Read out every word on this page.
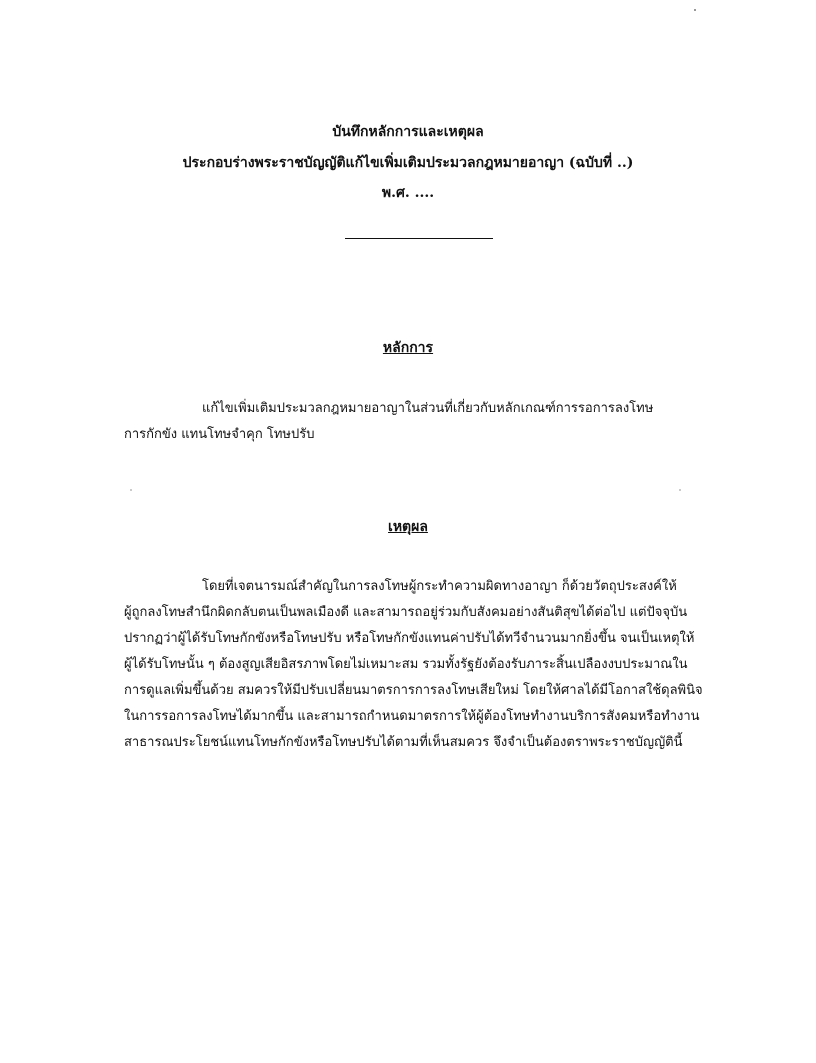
บันทึกหลักการและเหตุผล
ประกอบร่างพระราชบัญญัติแก้ไขเพิ่มเติมประมวลกฎหมายอาญา (ฉบับที่ ..)
พ.ศ. ....
หลักการ
แก้ไขเพิ่มเติมประมวลกฎหมายอาญาในส่วนที่เกี่ยวกับหลักเกณฑ์การรอการลงโทษ
การกักขัง แทนโทษจำคุก โทษปรับ
เหตุผล
โดยที่เจตนารมณ์สำคัญในการลงโทษผู้กระทำความผิดทางอาญา ก็ด้วยวัตถุประสงค์ให้
ผู้ถูกลงโทษสำนึกผิดกลับตนเป็นพลเมืองดี และสามารถอยู่ร่วมกับสังคมอย่างสันติสุขได้ต่อไป แต่ปัจจุบัน
ปรากฏว่าผู้ได้รับโทษกักขังหรือโทษปรับ หรือโทษกักขังแทนค่าปรับได้ทวีจำนวนมากยิ่งขึ้น จนเป็นเหตุให้
ผู้ได้รับโทษนั้น ๆ ต้องสูญเสียอิสรภาพโดยไม่เหมาะสม รวมทั้งรัฐยังต้องรับภาระสิ้นเปลืองงบประมาณใน
การดูแลเพิ่มขึ้นด้วย สมควรให้มีปรับเปลี่ยนมาตรการการลงโทษเสียใหม่ โดยให้ศาลได้มีโอกาสใช้ดุลพินิจ
ในการรอการลงโทษได้มากขึ้น และสามารถกำหนดมาตรการให้ผู้ต้องโทษทำงานบริการสังคมหรือทำงาน
สาธารณประโยชน์แทนโทษกักขังหรือโทษปรับได้ตามที่เห็นสมควร จึงจำเป็นต้องตราพระราชบัญญัตินี้
